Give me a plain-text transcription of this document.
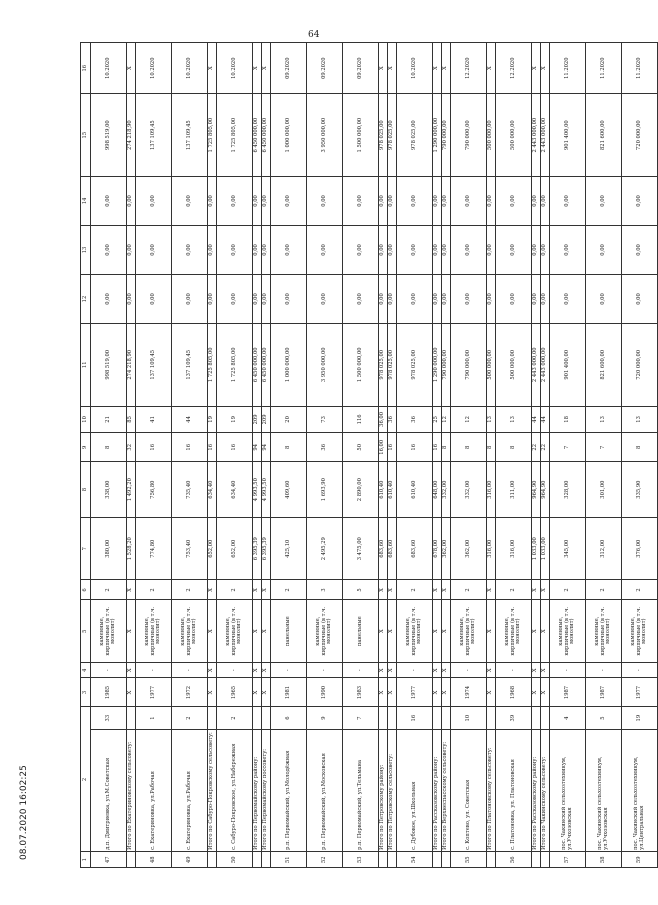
64
1	2		3	4	5	6	7	8	9	10	11	12	13	14	15	16
47	д.п. Дмитриевка, ул.М.Советская	33	1985	-	каменные, кирпичные (в т.ч. монолит)	2	380,00	338,00	8	21	998 519,00	0,00	0,00	0,00	998 519,00	10.2020
	Итого по Екатериновскому сельсовету:		X	X	X	X	1 528,20	1 492,20	32	85	274 218,90	0,00	0,00	0,00	274 218,90	X
48	с. Екатериновка, ул.Рабочая	1	1977	-	каменные, кирпичные (в т.ч. монолит)	2	774,80	756,80	16	41	137 109,45	0,00	0,00	0,00	137 109,45	10.2020
49	с. Екатериновка, ул.Рабочая	2	1972	-	каменные, кирпичные (в т.ч. монолит)	2	753,40	735,40	16	44	137 109,45	0,00	0,00	0,00	137 109,45	10.2020
	Итого по Сабуро-Покровскому сельсовету:		X	X	X	X	652,00	634,40	16	19	1 725 805,00	0,00	0,00	0,00	1 725 805,00	X
50	с. Сабуро-Покровское, ул.Набережная	2	1965	-	каменные, кирпичные (в т.ч. монолит)	2	652,00	634,40	16	19	1 725 805,00	0,00	0,00	0,00	1 725 805,00	10.2020
	Итого по Первомайскому району:		X	X	X	X	6 395,39	4 993,50	94	209	6 450 000,00	0,00	0,00	0,00	6 450 000,00	X
	Итого по Первомайскому поссовету:		X	X	X	X	6 395,39	4 993,50	94	209	6 450 000,00	0,00	0,00	0,00	6 450 000,00	X
51	р.п. Первомайский, ул.Молодёжная	6	1981	-	панельные	2	425,10	409,60	8	20	1 000 000,00	0,00	0,00	0,00	1 000 000,00	09.2020
52	р.п. Первомайский, ул.Московская	9	1990	-	каменные, кирпичные (в т.ч. монолит)	3	2 495,29	1 693,90	36	73	3 950 000,00	0,00	0,00	0,00	3 950 000,00	09.2020
53	р.п. Первомайский, ул.Тельмана	7	1983	-	панельные	5	3 475,00	2 890,00	50	116	1 500 000,00	0,00	0,00	0,00	1 500 000,00	09.2020
	Итого по Петровскому району:		X	X	X	X	683,60	610,40	16,00	36,00	978 025,00	0,00	0,00	0,00	978 025,00	X
	Итого по Петровскому сельсовету:		X	X	X	X	683,60	610,40	16	36	978 025,00	0,00	0,00	0,00	978 025,00	X
54	с. Дубовое, ул.Школьная	16	1977	-	каменные, кирпичные (в т.ч. монолит)	2	683,60	610,40	16	36	978 025,00	0,00	0,00	0,00	978 025,00	10.2020
	Итого по Рассказовскому району:		X	X	X	X	678,00	648,00	16	25	1 290 000,00	0,00	0,00	0,00	1 290 000,00	X
	Итого по Верхнеспасскому сельсовету:		X	X	X	X	362,00	332,00	8	12	790 000,00	0,00	0,00	0,00	790 000,00	X
55	с. Коптево, ул. Советская	10	1974	-	каменные, кирпичные (в т.ч. монолит)	2	362,00	332,00	8	12	790 000,00	0,00	0,00	0,00	790 000,00	12.2020
	Итого по Платоновскому сельсовету:		X	X	X	X	316,00	316,00	8	13	500 000,00	0,00	0,00	0,00	500 000,00	X
56	с. Платоновка, ул. Платоновская	39	1968	-	каменные, кирпичные (в т.ч. монолит)	2	316,00	311,00	8	13	500 000,00	0,00	0,00	0,00	500 000,00	12.2020
	Итого по Рассказовскому району:		X	X	X	X	1 033,00	964,90	22	44	2 443 000,00	0,00	0,00	0,00	2 443 000,00	X
	Итого по Чакинскому сельсовету:		X	X	X	X	1 033,00	964,90	22	44	2 443 000,00	0,00	0,00	0,00	2 443 000,00	X
57	пос. Чакинский сельхозтехникум, ул.Учхозовская	4	1987	-	каменные, кирпичные (в т.ч. монолит)	2	345,00	328,00	7	18	901 400,00	0,00	0,00	0,00	901 400,00	11.2020
58	пос. Чакинский сельхозтехникум, ул.Учхозовская	5	1987	-	каменные, кирпичные (в т.ч. монолит)	2	312,00	301,00	7	13	821 600,00	0,00	0,00	0,00	821 600,00	11.2020
59	пос. Чакинский сельхозтехникум, ул.Центральная	19	1977	-	каменные, кирпичные (в т.ч. монолит)	2	376,00	335,90	8	13	720 000,00	0,00	0,00	0,00	720 000,00	11.2020
08.07.2020 16:02:25
